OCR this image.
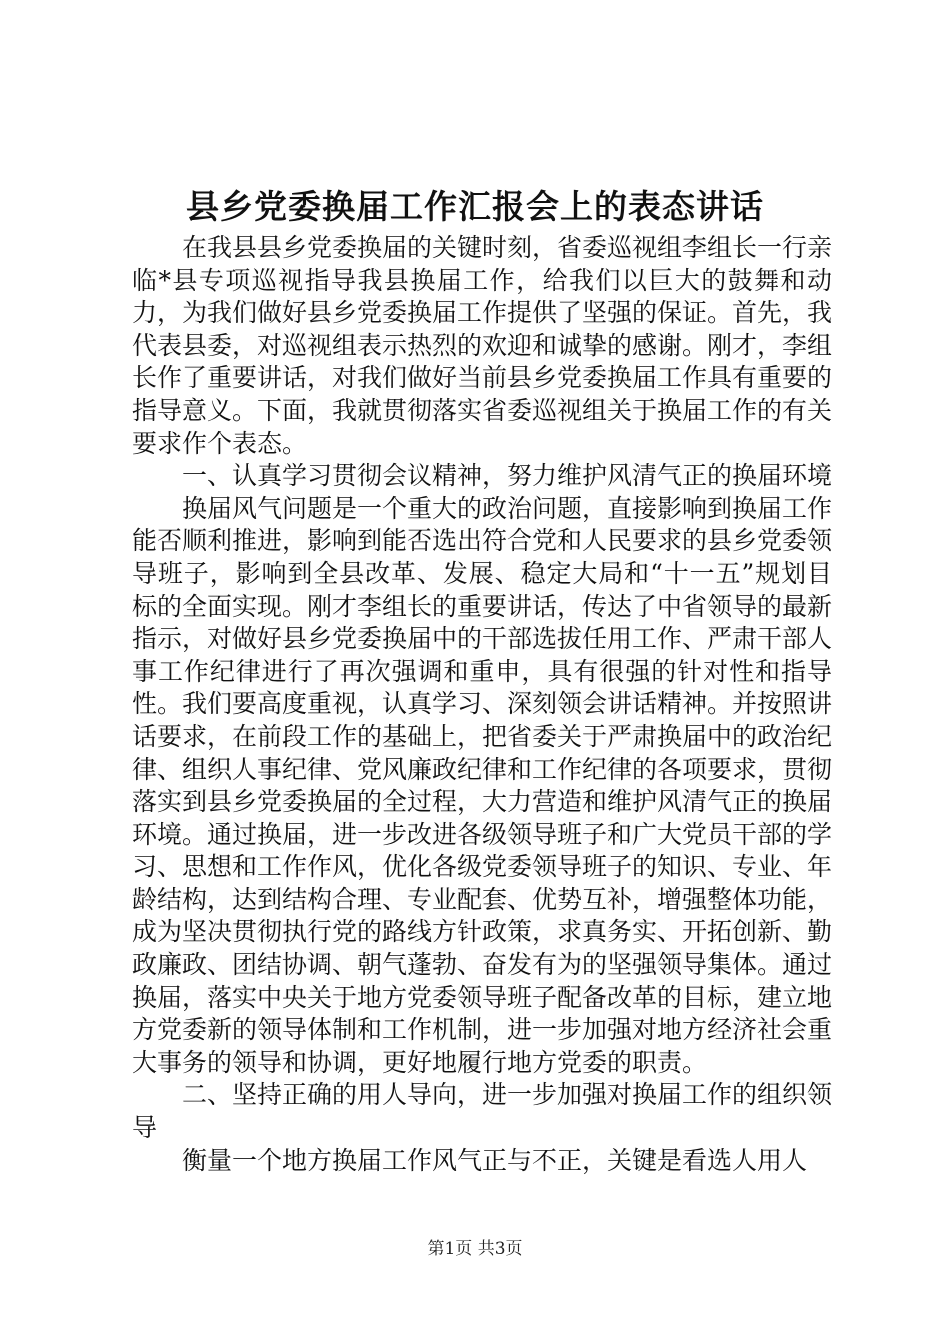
县乡党委换届工作汇报会上的表态讲话

在我县县乡党委换届的关键时刻，省委巡视组李组长一行亲临*县专项巡视指导我县换届工作，给我们以巨大的鼓舞和动力，为我们做好县乡党委换届工作提供了坚强的保证。首先，我代表县委，对巡视组表示热烈的欢迎和诚挚的感谢。刚才，李组长作了重要讲话，对我们做好当前县乡党委换届工作具有重要的指导意义。下面，我就贯彻落实省委巡视组关于换届工作的有关要求作个表态。

一、认真学习贯彻会议精神，努力维护风清气正的换届环境

换届风气问题是一个重大的政治问题，直接影响到换届工作能否顺利推进，影响到能否选出符合党和人民要求的县乡党委领导班子，影响到全县改革、发展、稳定大局和“十一五”规划目标的全面实现。刚才李组长的重要讲话，传达了中省领导的最新指示，对做好县乡党委换届中的干部选拔任用工作、严肃干部人事工作纪律进行了再次强调和重申，具有很强的针对性和指导性。我们要高度重视，认真学习、深刻领会讲话精神。并按照讲话要求，在前段工作的基础上，把省委关于严肃换届中的政治纪律、组织人事纪律、党风廉政纪律和工作纪律的各项要求，贯彻落实到县乡党委换届的全过程，大力营造和维护风清气正的换届环境。通过换届，进一步改进各级领导班子和广大党员干部的学习、思想和工作作风，优化各级党委领导班子的知识、专业、年龄结构，达到结构合理、专业配套、优势互补，增强整体功能，成为坚决贯彻执行党的路线方针政策，求真务实、开拓创新、勤政廉政、团结协调、朝气蓬勃、奋发有为的坚强领导集体。通过换届，落实中央关于地方党委领导班子配备改革的目标，建立地方党委新的领导体制和工作机制，进一步加强对地方经济社会重大事务的领导和协调，更好地履行地方党委的职责。

二、坚持正确的用人导向，进一步加强对换届工作的组织领导

衡量一个地方换届工作风气正与不正，关键是看选人用人

第1页 共3页
